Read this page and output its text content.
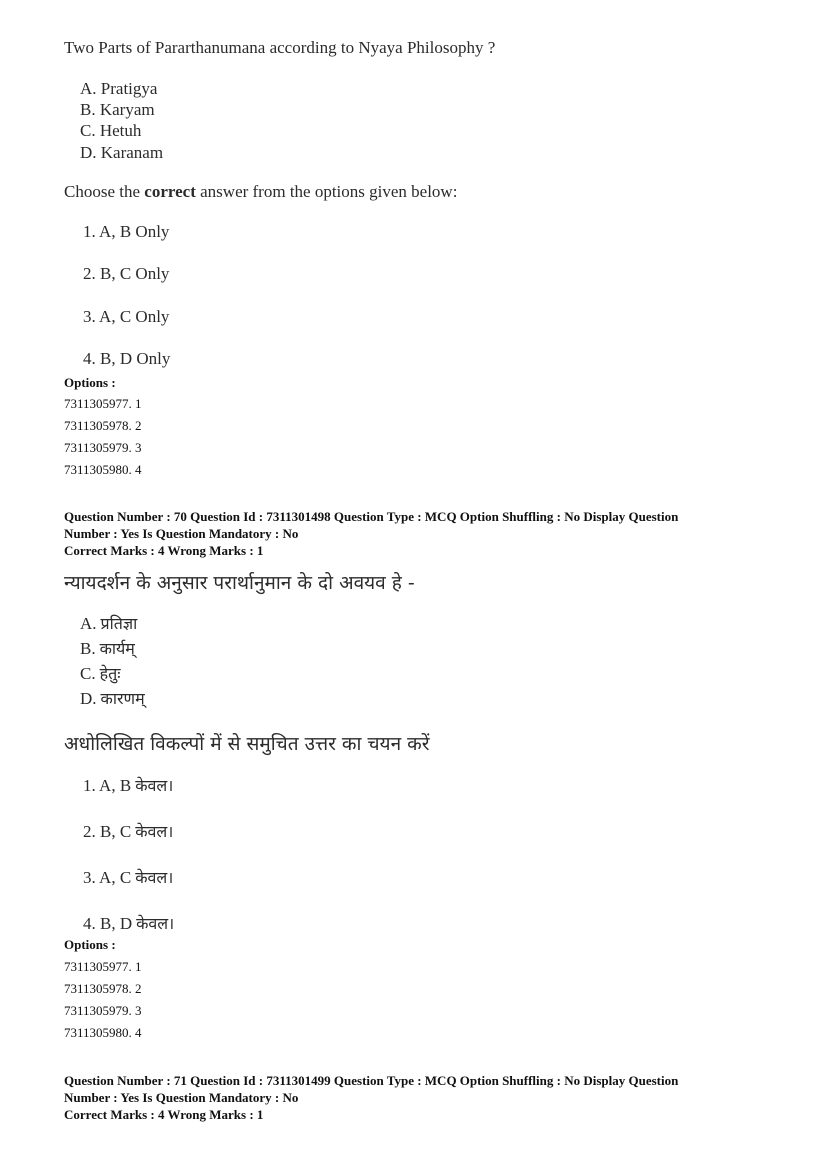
Two Parts of Pararthanumana according to Nyaya Philosophy ?
A. Pratigya
B. Karyam
C. Hetuh
D. Karanam
Choose the correct answer from the options given below:
1. A, B Only
2. B, C Only
3. A, C Only
4. B, D Only
Options :
7311305977. 1
7311305978. 2
7311305979. 3
7311305980. 4
Question Number : 70 Question Id : 7311301498 Question Type : MCQ Option Shuffling : No Display Question
Number : Yes Is Question Mandatory : No
Correct Marks : 4 Wrong Marks : 1
न्यायदर्शन के अनुसार परार्थानुमान के दो अवयव हे -
A. प्रतिज्ञा
B. कार्यम्
C. हेतुः
D. कारणम्
अधोलिखित विकल्पों में से समुचित उत्तर का चयन करें
1. A, B केवल।
2. B, C केवल।
3. A, C केवल।
4. B, D केवल।
Options :
7311305977. 1
7311305978. 2
7311305979. 3
7311305980. 4
Question Number : 71 Question Id : 7311301499 Question Type : MCQ Option Shuffling : No Display Question
Number : Yes Is Question Mandatory : No
Correct Marks : 4 Wrong Marks : 1
